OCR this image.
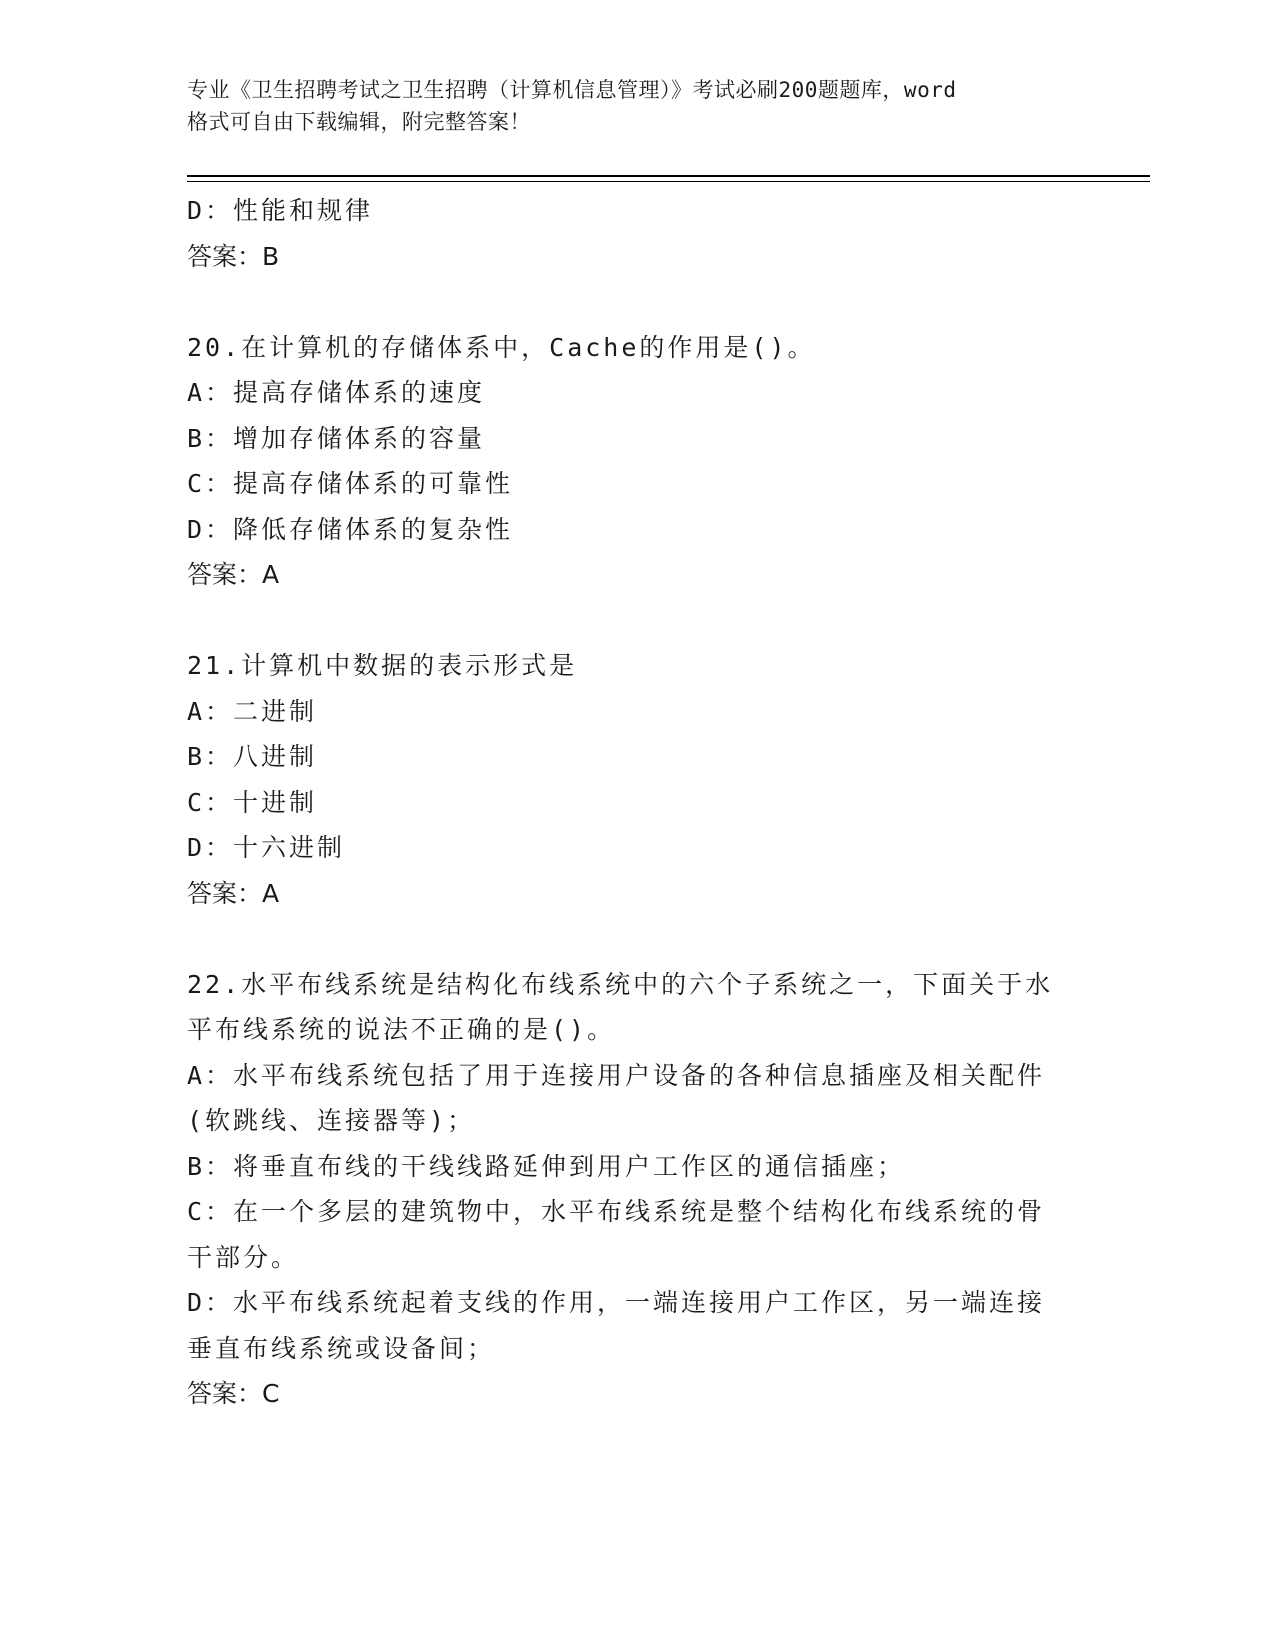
专业《卫生招聘考试之卫生招聘（计算机信息管理）》考试必刷200题题库，word
格式可自由下载编辑，附完整答案！
D：性能和规律
答案：B
20.在计算机的存储体系中，Cache的作用是()。
A：提高存储体系的速度
B：增加存储体系的容量
C：提高存储体系的可靠性
D：降低存储体系的复杂性
答案：A
21.计算机中数据的表示形式是
A：二进制
B：八进制
C：十进制
D：十六进制
答案：A
22.水平布线系统是结构化布线系统中的六个子系统之一，下面关于水
平布线系统的说法不正确的是()。
A：水平布线系统包括了用于连接用户设备的各种信息插座及相关配件
(软跳线、连接器等)；
B：将垂直布线的干线线路延伸到用户工作区的通信插座；
C：在一个多层的建筑物中，水平布线系统是整个结构化布线系统的骨
干部分。
D：水平布线系统起着支线的作用，一端连接用户工作区，另一端连接
垂直布线系统或设备间；
答案：C
